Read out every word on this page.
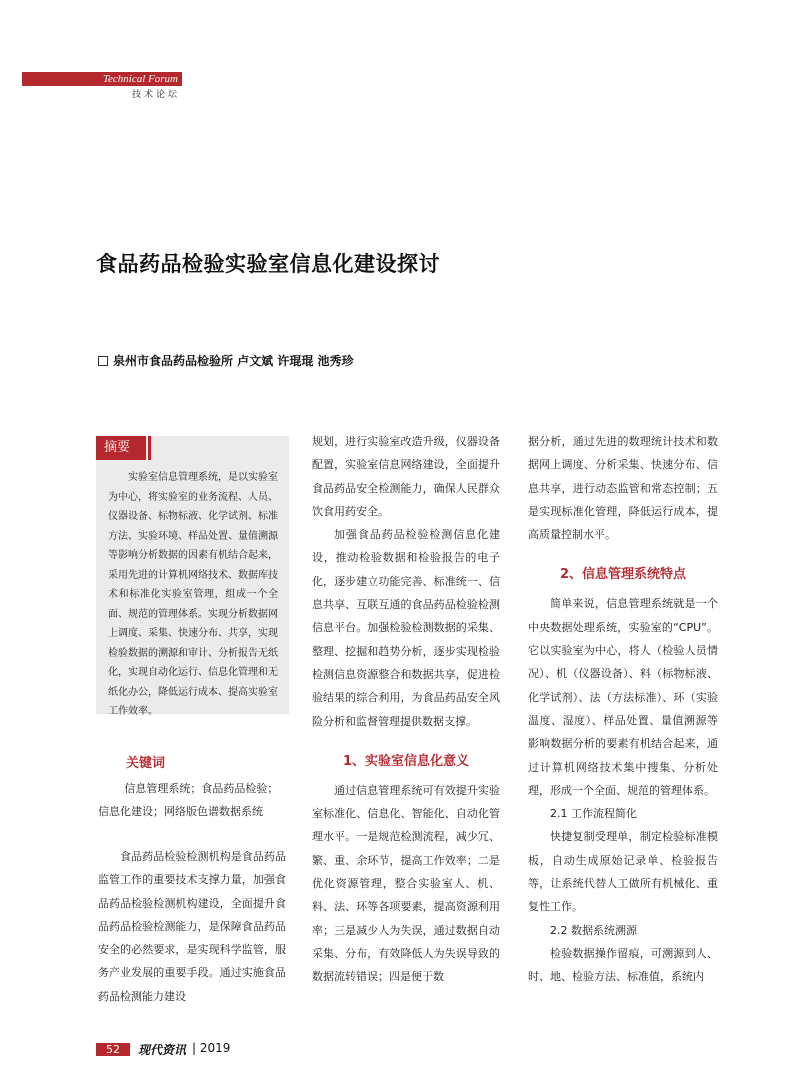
Technical Forum
技术论坛
食品药品检验实验室信息化建设探讨
泉州市食品药品检验所 卢文斌 许琨琨 池秀珍
摘要
实验室信息管理系统，是以实验室为中心，将实验室的业务流程、人员、仪器设备、标物标液、化学试剂、标准方法、实验环境、样品处置、量值溯源等影响分析数据的因素有机结合起来，采用先进的计算机网络技术、数据库技术和标准化实验室管理，组成一个全面、规范的管理体系。实现分析数据网上调度、采集、快速分布、共享，实现检验数据的溯源和审计、分析报告无纸化，实现自动化运行、信息化管理和无纸化办公，降低运行成本、提高实验室工作效率。
关键词
信息管理系统；食品药品检验；信息化建设；网络版色谱数据系统

食品药品检验检测机构是食品药品监管工作的重要技术支撑力量，加强食品药品检验检测机构建设，全面提升食品药品检验检测能力，是保障食品药品安全的必然要求，是实现科学监管，服务产业发展的重要手段。通过实施食品药品检测能力建设

规划，进行实验室改造升级，仪器设备配置，实验室信息网络建设，全面提升食品药品安全检测能力，确保人民群众饮食用药安全。

加强食品药品检验检测信息化建设，推动检验数据和检验报告的电子化，逐步建立功能完善、标准统一、信息共享、互联互通的食品药品检验检测信息平台。加强检验检测数据的采集、整理、挖掘和趋势分析，逐步实现检验检测信息资源整合和数据共享，促进检验结果的综合利用，为食品药品安全风险分析和监督管理提供数据支撑。

1、实验室信息化意义

通过信息管理系统可有效提升实验室标准化、信息化、智能化、自动化管理水平。一是规范检测流程，减少冗、繁、重、余环节，提高工作效率；二是优化资源管理，整合实验室人、机、料、法、环等各项要素，提高资源利用率；三是减少人为失误，通过数据自动采集、分布，有效降低人为失误导致的数据流转错误；四是便于数

据分析，通过先进的数理统计技术和数据网上调度、分析采集、快速分布、信息共享，进行动态监管和常态控制；五是实现标准化管理，降低运行成本，提高质量控制水平。

2、信息管理系统特点

简单来说，信息管理系统就是一个中央数据处理系统，实验室的“CPU”。它以实验室为中心，将人（检验人员情况）、机（仪器设备）、料（标物标液、化学试剂）、法（方法标准）、环（实验温度、湿度）、样品处置、量值溯源等影响数据分析的要素有机结合起来，通过计算机网络技术集中搜集、分析处理，形成一个全面、规范的管理体系。

2.1 工作流程简化

快捷复制受理单，制定检验标准模板，自动生成原始记录单、检验报告等，让系统代替人工做所有机械化、重复性工作。

2.2 数据系统溯源

检验数据操作留痕，可溯源到人、时、地、检验方法、标准值，系统内

52	现代资讯 | 2019
